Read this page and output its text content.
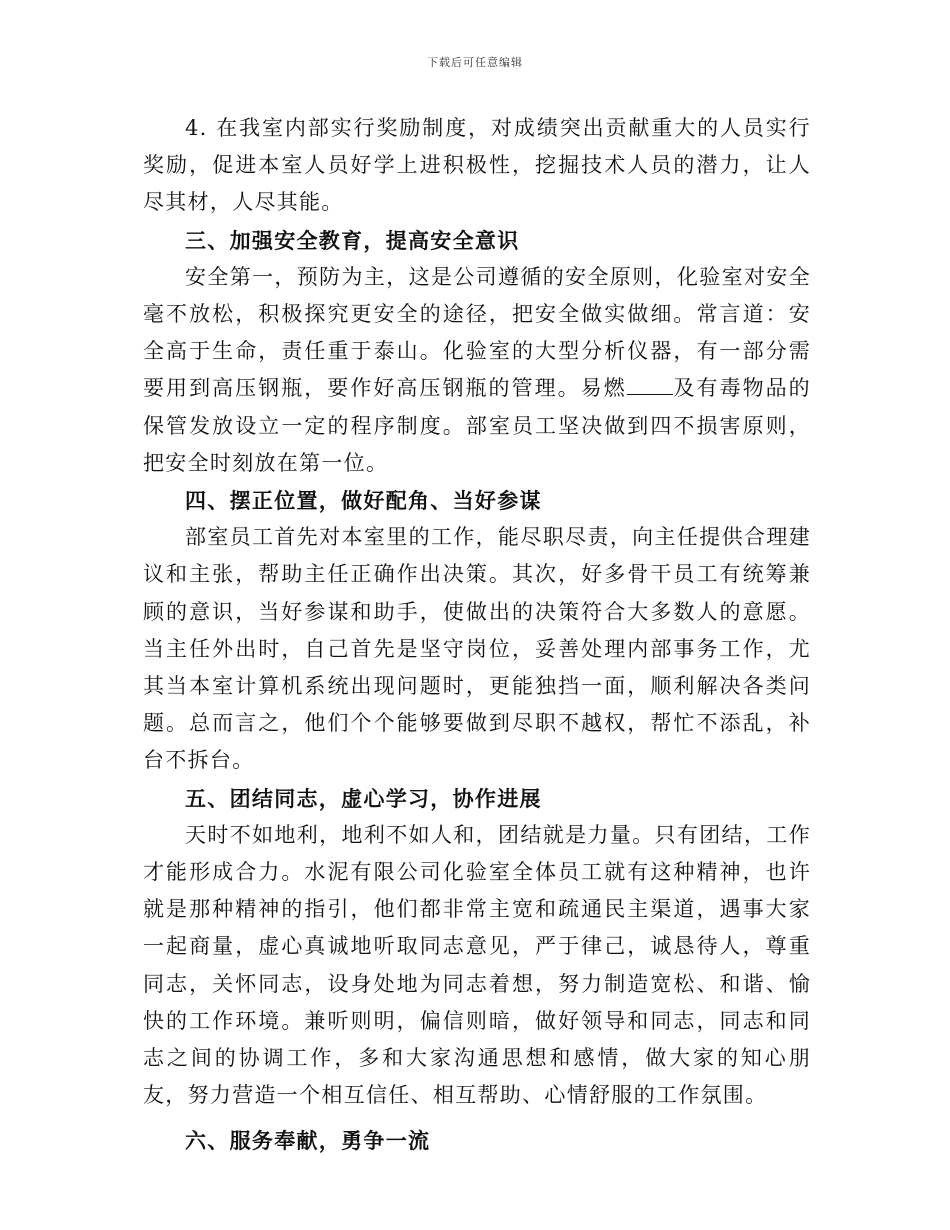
下载后可任意编辑

4. 在我室内部实行奖励制度，对成绩突出贡献重大的人员实行奖励，促进本室人员好学上进积极性，挖掘技术人员的潜力，让人尽其材，人尽其能。

三、加强安全教育，提高安全意识

安全第一，预防为主，这是公司遵循的安全原则，化验室对安全毫不放松，积极探究更安全的途径，把安全做实做细。常言道：安全高于生命，责任重于泰山。化验室的大型分析仪器，有一部分需要用到高压钢瓶，要作好高压钢瓶的管理。易燃 及有毒物品的保管发放设立一定的程序制度。部室员工坚决做到四不损害原则，把安全时刻放在第一位。

四、摆正位置，做好配角、当好参谋

部室员工首先对本室里的工作，能尽职尽责，向主任提供合理建议和主张，帮助主任正确作出决策。其次，好多骨干员工有统筹兼顾的意识，当好参谋和助手，使做出的决策符合大多数人的意愿。当主任外出时，自己首先是坚守岗位，妥善处理内部事务工作，尤其当本室计算机系统出现问题时，更能独挡一面，顺利解决各类问题。总而言之，他们个个能够要做到尽职不越权，帮忙不添乱，补台不拆台。

五、团结同志，虚心学习，协作进展

天时不如地利，地利不如人和，团结就是力量。只有团结，工作才能形成合力。水泥有限公司化验室全体员工就有这种精神，也许就是那种精神的指引，他们都非常主宽和疏通民主渠道，遇事大家一起商量，虚心真诚地听取同志意见，严于律己，诚恳待人，尊重同志，关怀同志，设身处地为同志着想，努力制造宽松、和谐、愉快的工作环境。兼听则明，偏信则暗，做好领导和同志，同志和同志之间的协调工作，多和大家沟通思想和感情，做大家的知心朋友，努力营造一个相互信任、相互帮助、心情舒服的工作氛围。

六、服务奉献，勇争一流
